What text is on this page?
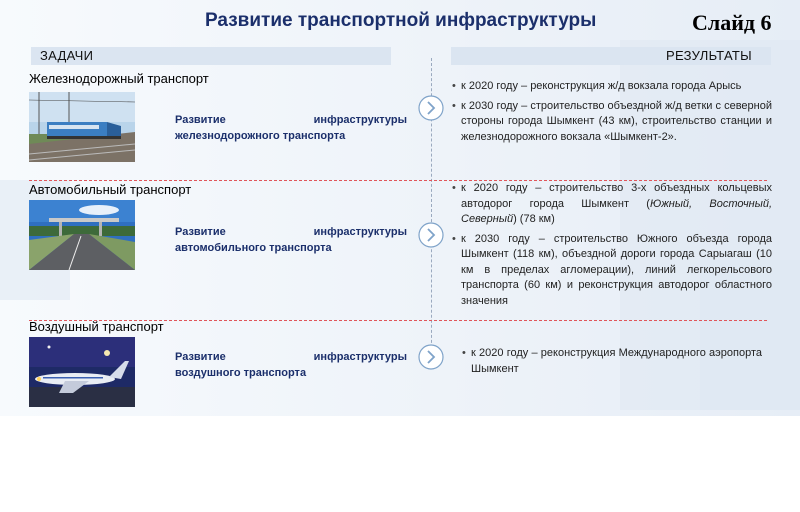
Развитие транспортной инфраструктуры	Слайд 6
ЗАДАЧИ	РЕЗУЛЬТАТЫ
Железнодорожный транспорт
Развитие	инфраструктуры
железнодорожного транспорта

• к 2020 году – реконструкция ж/д вокзала города Арысь

• к 2030 году – строительство объездной ж/д ветки с северной стороны города Шымкент (43 км), строительство станции и железнодорожного вокзала «Шымкент-2».

Автомобильный транспорт
Развитие	инфраструктуры
автомобильного транспорта

• к 2020 году – строительство 3-х объездных кольцевых автодорог города Шымкент (Южный, Восточный, Северный) (78 км)

• к 2030 году – строительство Южного объезда города Шымкент (118 км), объездной дороги города Сарыагаш (10 км в пределах агломерации), линий легкорельсового транспорта (60 км) и реконструкция автодорог областного значения

Воздушный транспорт
Развитие	инфраструктуры
воздушного транспорта

• к 2020 году – реконструкция Международного аэропорта Шымкент
